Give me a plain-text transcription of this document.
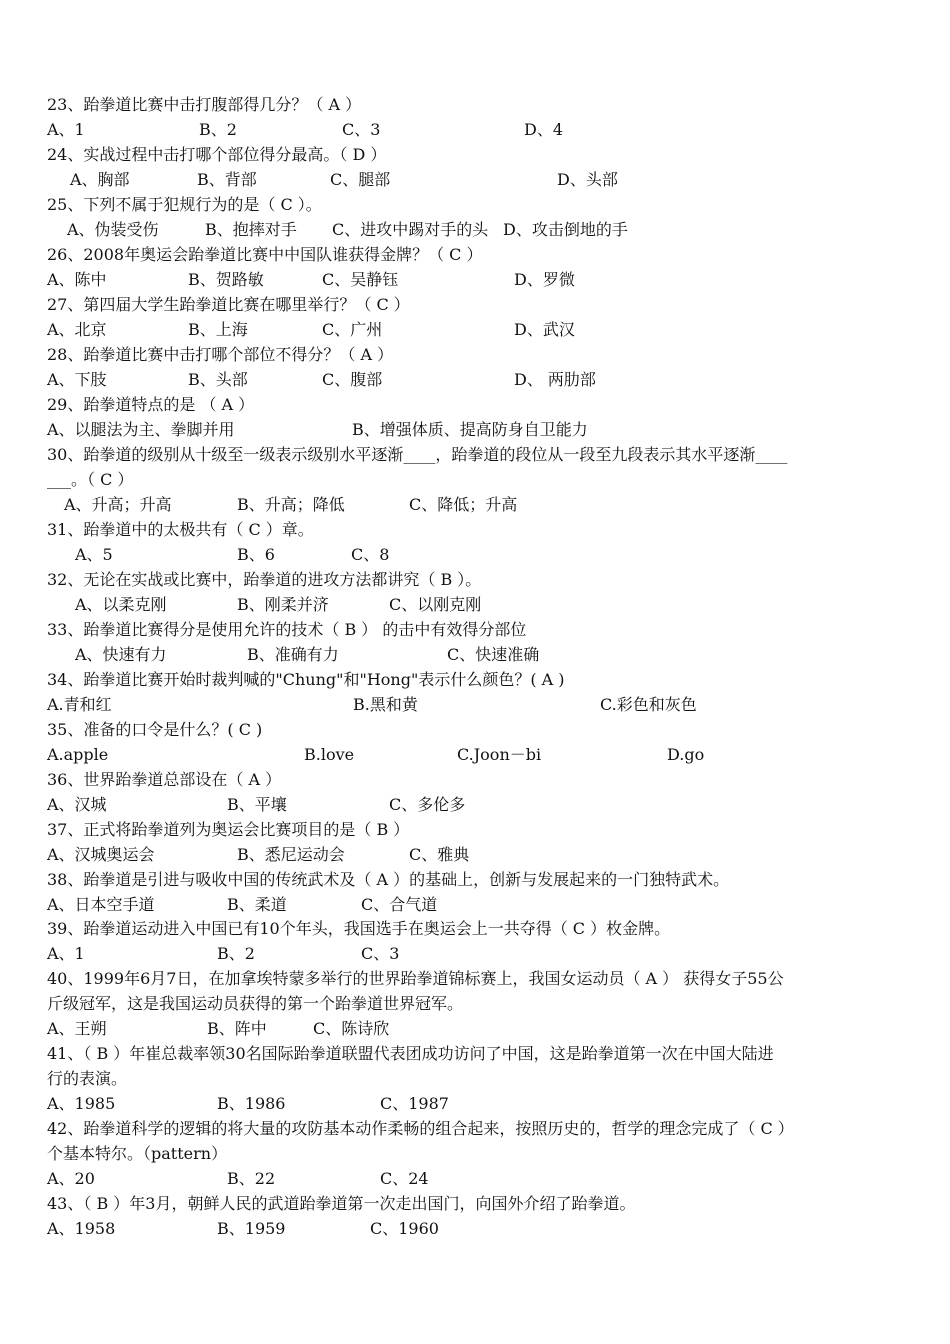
23、跆拳道比赛中击打腹部得几分？（ A ）

A、1

	B、2

	C、3

	D、4

24、实战过程中击打哪个部位得分最高。（ D ）

A、胸部

	B、背部

	C、腿部

	D、头部

25、下列不属于犯规行为的是（ C ）。

A、伪装受伤

	B、抱摔对手

C、进攻中踢对手的头

D、攻击倒地的手

26、2008年奥运会跆拳道比赛中中国队谁获得金牌？（ C ）

A、陈中

	B、贺路敏

	C、吴静钰

	D、罗微

27、第四届大学生跆拳道比赛在哪里举行？（ C ）

A、北京

	B、上海

	C、广州

	D、武汉

28、跆拳道比赛中击打哪个部位不得分？（ A ）

A、下肢

	B、头部

	C、腹部

	D、 两肋部

29、跆拳道特点的是 （ A ）

A、以腿法为主、拳脚并用

	B、增强体质、提高防身自卫能力

30、跆拳道的级别从十级至一级表示级别水平逐渐____，跆拳道的段位从一段至九段表示其水平逐渐____
___。（ C ）

A、升高；升高

	B、升高；降低

	C、降低；升高

31、跆拳道中的太极共有（ C ）章。

A、5

	B、6

	C、8

32、无论在实战或比赛中，跆拳道的进攻方法都讲究（ B ）。

A、以柔克刚

	B、刚柔并济

	C、以刚克刚

33、跆拳道比赛得分是使用允许的技术（ B ） 的击中有效得分部位

A、快速有力

	B、准确有力

	C、快速准确

34、跆拳道比赛开始时裁判喊的"Chung"和"Hong"表示什么颜色？( A )

A.青和红

	B.黑和黄

	C.彩色和灰色

35、准备的口令是什么？( C )

A.apple

	B.love

	C.Joon－bi

	D.go

36、世界跆拳道总部设在（ A ）

A、汉城

	B、平壤

	C、多伦多

37、正式将跆拳道列为奥运会比赛项目的是（ B ）

A、汉城奥运会

	B、悉尼运动会

	C、雅典

38、跆拳道是引进与吸收中国的传统武术及（ A ）的基础上，创新与发展起来的一门独特武术。

A、日本空手道

	B、柔道

	C、合气道

39、跆拳道运动进入中国已有10个年头，我国选手在奥运会上一共夺得（ C ）枚金牌。

A、1

	B、2

	C、3

40、1999年6月7日，在加拿埃特蒙多举行的世界跆拳道锦标赛上，我国女运动员（ A ） 获得女子55公
斤级冠军，这是我国运动员获得的第一个跆拳道世界冠军。

A、王朔

	B、阵中

	C、陈诗欣

41、（ B ）年崔总裁率领30名国际跆拳道联盟代表团成功访问了中国，这是跆拳道第一次在中国大陆进
行的表演。

A、1985

	B、1986

	C、1987

42、跆拳道科学的逻辑的将大量的攻防基本动作柔畅的组合起来，按照历史的，哲学的理念完成了（ C ）
个基本特尔。（pattern）

A、20

	B、22

	C、24

43、（ B ）年3月，朝鲜人民的武道跆拳道第一次走出国门，向国外介绍了跆拳道。

A、1958

	B、1959

	C、1960
